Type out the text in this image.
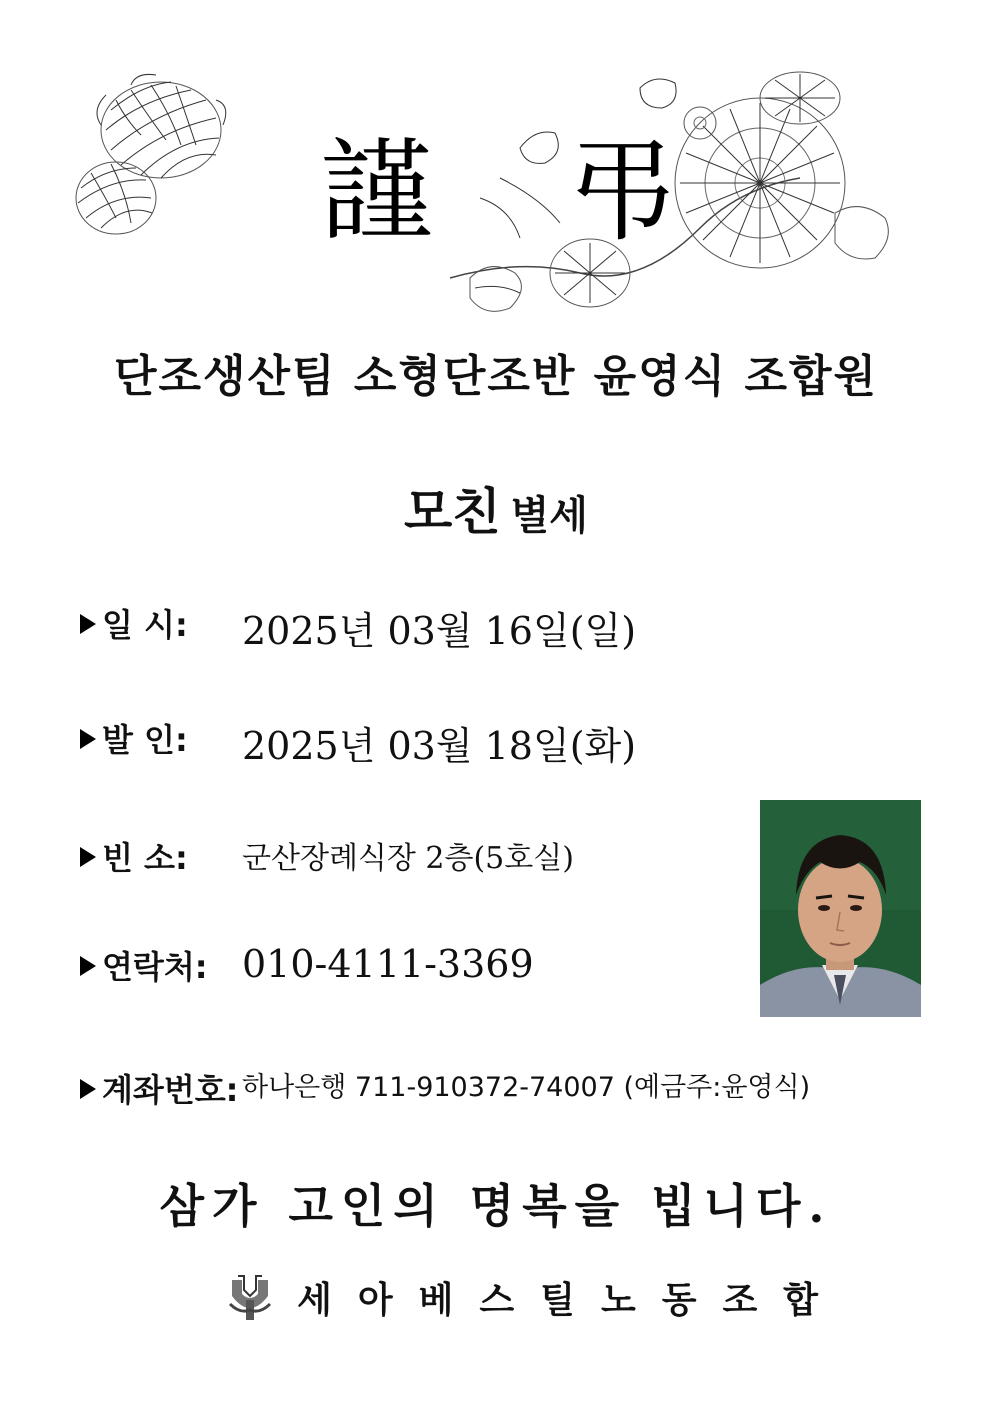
謹 弔
단조생산팀 소형단조반 윤영식 조합원
모친 별세
일 시: 2025년 03월 16일(일)
발 인: 2025년 03월 18일(화)
빈 소: 군산장례식장 2층(5호실)
연락처: 010-4111-3369
계좌번호: 하나은행 711-910372-74007 (예금주:윤영식)
삼가 고인의 명복을 빕니다.
세아베스틸노동조합
